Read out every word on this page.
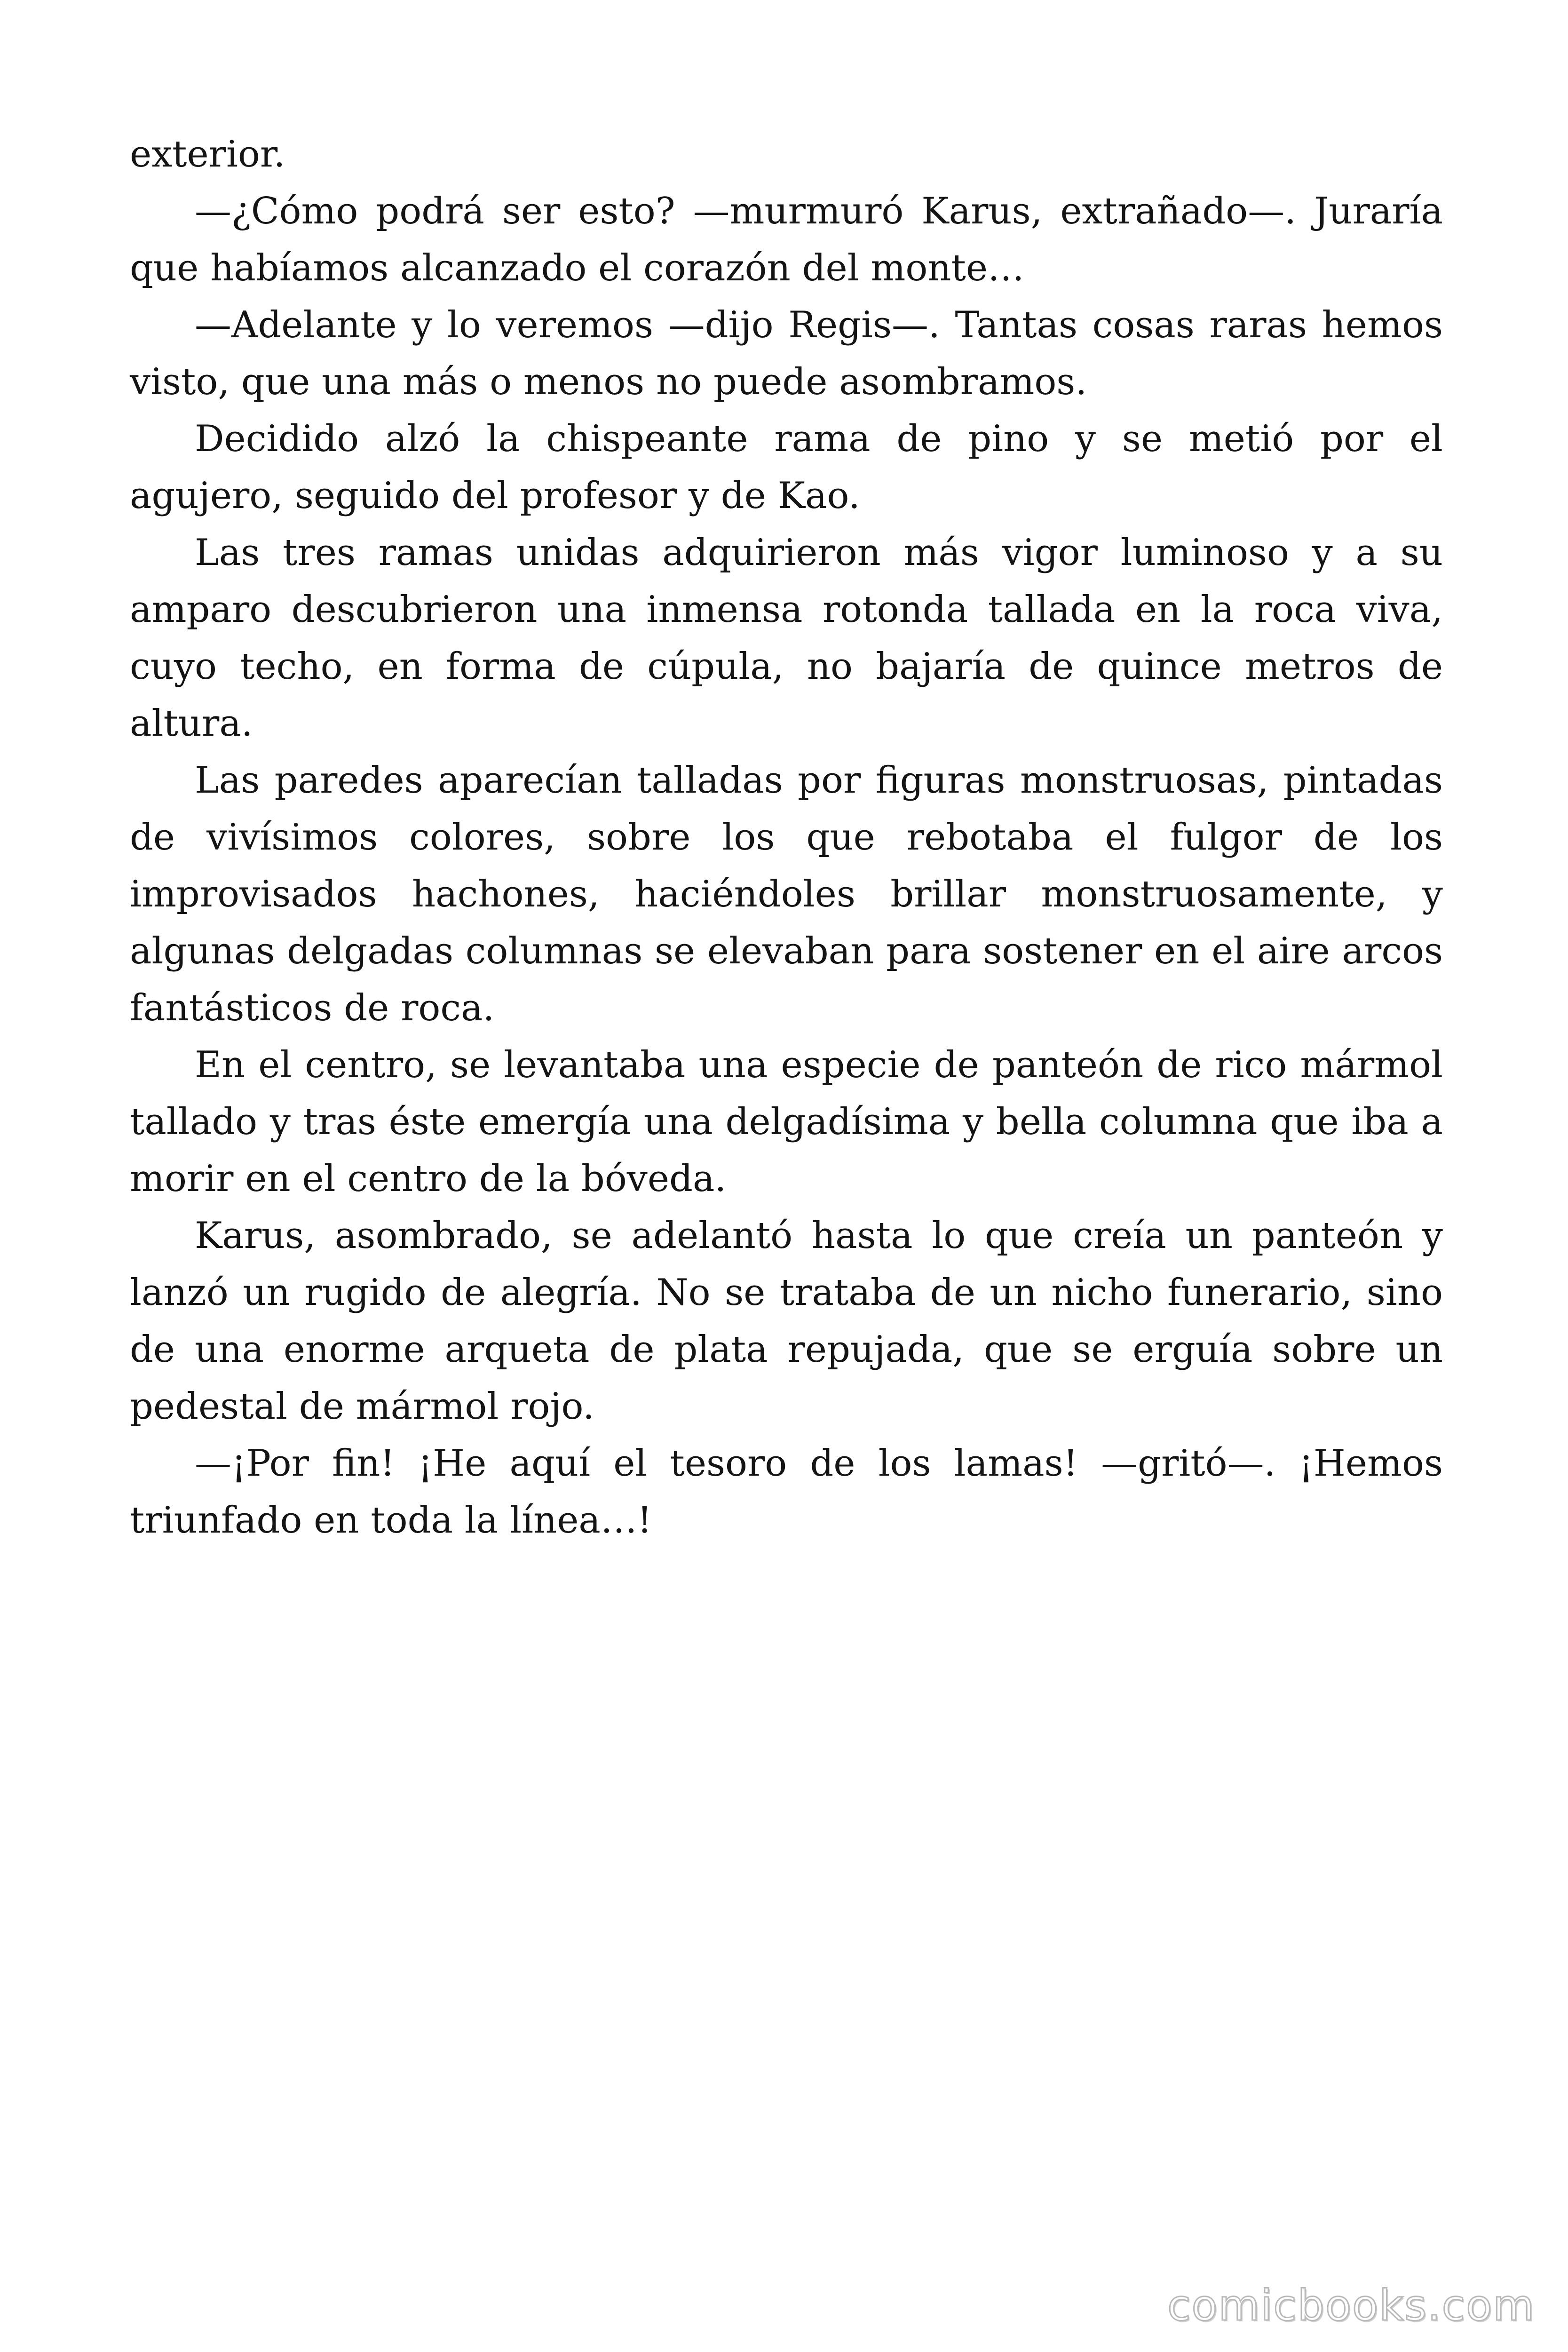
exterior.

—¿Cómo podrá ser esto? —murmuró Karus, extrañado—. Juraría que habíamos alcanzado el corazón del monte…

—Adelante y lo veremos —dijo Regis—. Tantas cosas raras hemos visto, que una más o menos no puede asombramos.

Decidido alzó la chispeante rama de pino y se metió por el agujero, seguido del profesor y de Kao.

Las tres ramas unidas adquirieron más vigor luminoso y a su amparo descubrieron una inmensa rotonda tallada en la roca viva, cuyo techo, en forma de cúpula, no bajaría de quince metros de altura.

Las paredes aparecían talladas por figuras monstruosas, pintadas de vivísimos colores, sobre los que rebotaba el fulgor de los improvisados hachones, haciéndoles brillar monstruosamente, y algunas delgadas columnas se elevaban para sostener en el aire arcos fantásticos de roca.

En el centro, se levantaba una especie de panteón de rico mármol tallado y tras éste emergía una delgadísima y bella columna que iba a morir en el centro de la bóveda.

Karus, asombrado, se adelantó hasta lo que creía un panteón y lanzó un rugido de alegría. No se trataba de un nicho funerario, sino de una enorme arqueta de plata repujada, que se erguía sobre un pedestal de mármol rojo.

—¡Por fin! ¡He aquí el tesoro de los lamas! —gritó—. ¡Hemos triunfado en toda la línea…!

comicbooks.com
